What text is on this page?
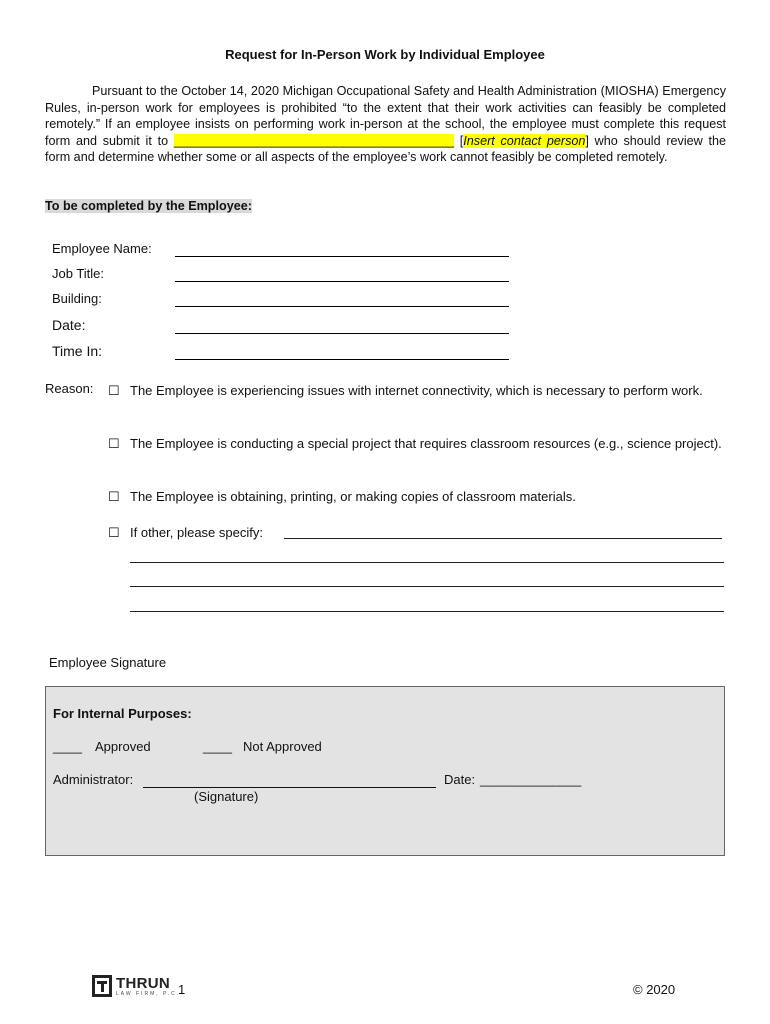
Request for In-Person Work by Individual Employee
Pursuant to the October 14, 2020 Michigan Occupational Safety and Health Administration (MIOSHA) Emergency Rules, in-person work for employees is prohibited “to the extent that their work activities can feasibly be completed remotely.” If an employee insists on performing work in-person at the school, the employee must complete this request form and submit it to ________________________________________ [Insert contact person] who should review the form and determine whether some or all aspects of the employee’s work cannot feasibly be completed remotely.
To be completed by the Employee:
Employee Name:
Job Title:
Building:
Date:
Time In:
Reason: ☐ The Employee is experiencing issues with internet connectivity, which is necessary to perform work.
☐ The Employee is conducting a special project that requires classroom resources (e.g., science project).
☐ The Employee is obtaining, printing, or making copies of classroom materials.
☐ If other, please specify:
Employee Signature
For Internal Purposes:
____ Approved	____ Not Approved
Administrator:	Date: ______________
(Signature)
THRUN
LAW FIRM, P.C.
1	© 2020
